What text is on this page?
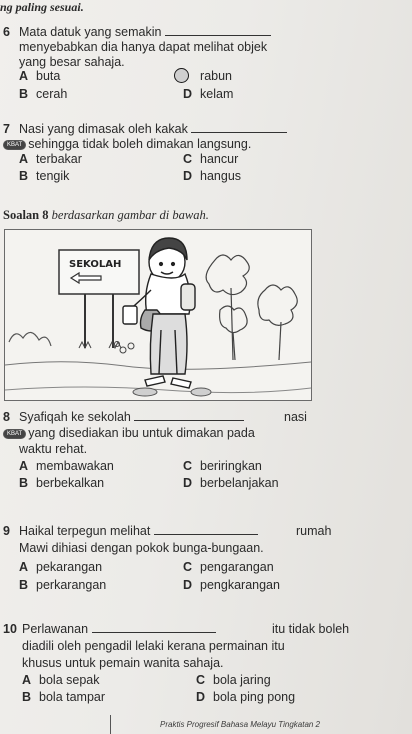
ng paling sesuai.
6 Mata datuk yang semakin
menyebabkan dia hanya dapat melihat objek
yang besar sahaja.
A buta	rabun
B cerah	D kelam
7 Nasi yang dimasak oleh kakak
KBAT sehingga tidak boleh dimakan langsung.
A terbakar	C hancur
B tengik	D hangus
Soalan 8 berdasarkan gambar di bawah.
SEKOLAH
8 Syafiqah ke sekolah	nasi
KBAT yang disediakan ibu untuk dimakan pada
waktu rehat.
A membawakan	C beriringkan
B berbekalkan	D berbelanjakan
9 Haikal terpegun melihat	rumah
Mawi dihiasi dengan pokok bunga-bungaan.
A pekarangan	C pengarangan
B perkarangan	D pengkarangan
10 Perlawanan	itu tidak boleh
diadili oleh pengadil lelaki kerana permainan itu
khusus untuk pemain wanita sahaja.
A bola sepak	C bola jaring
B bola tampar	D bola ping pong
Praktis Progresif Bahasa Melayu Tingkatan 2
